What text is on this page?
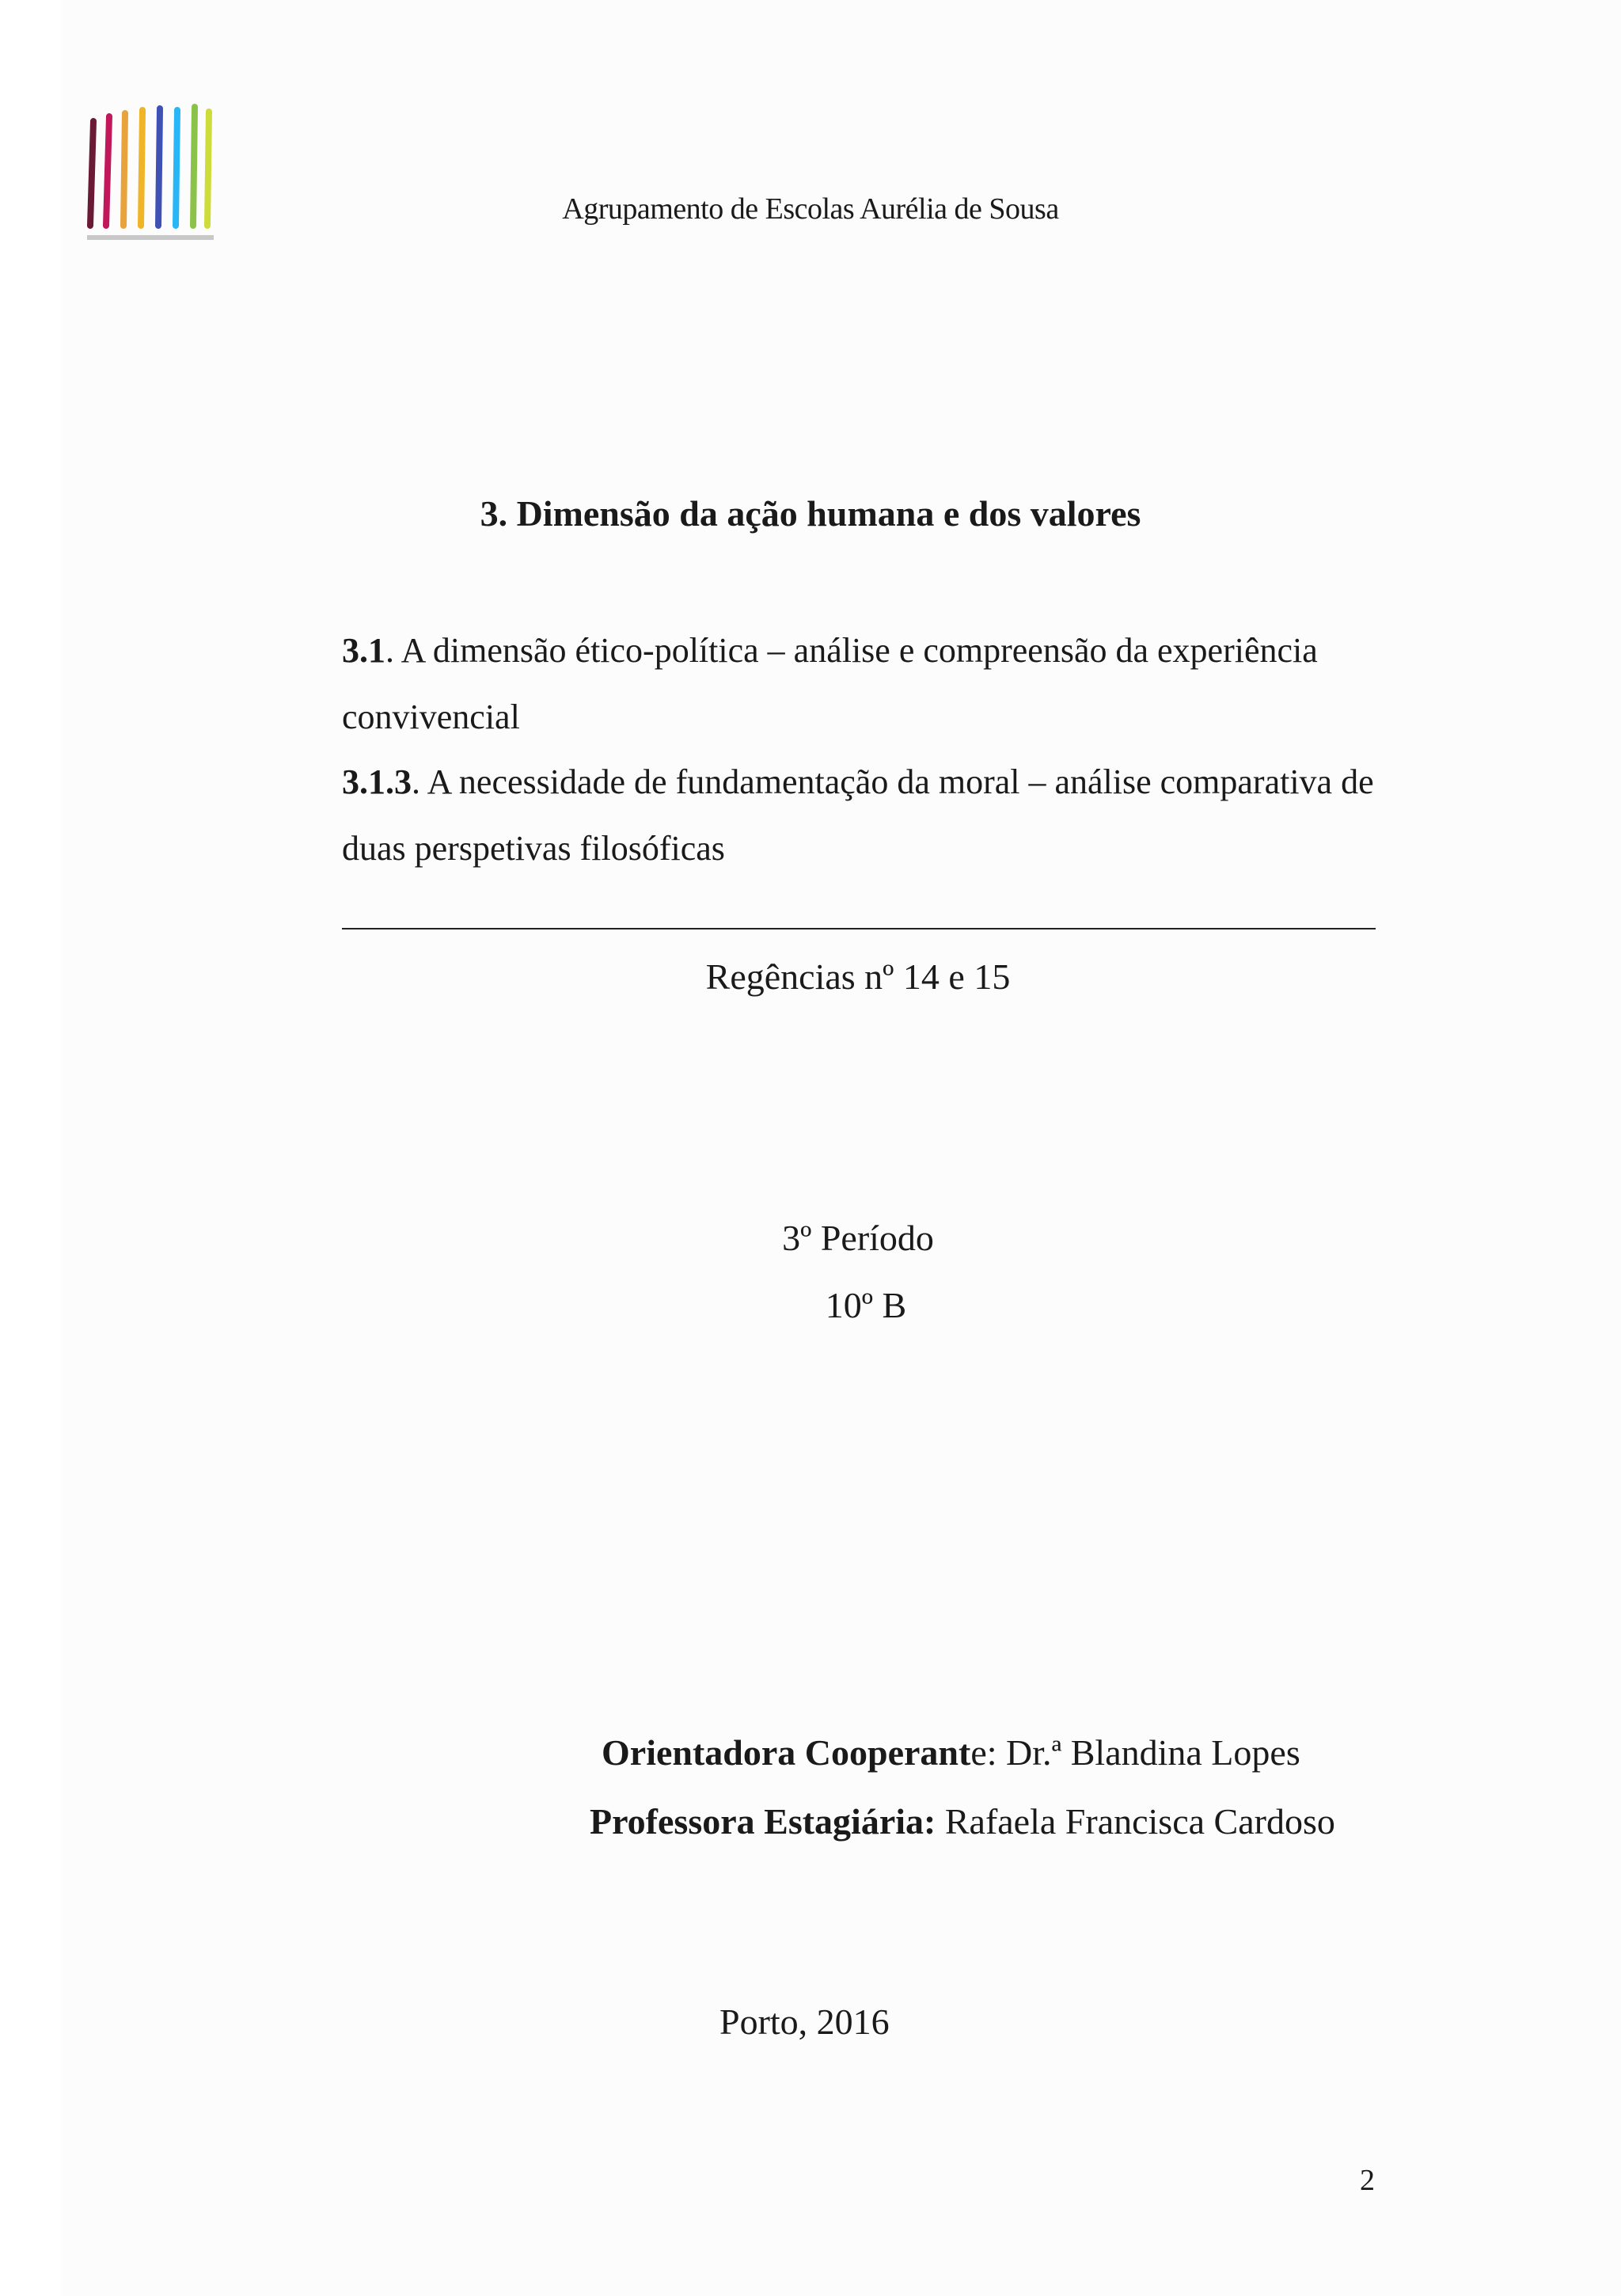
Agrupamento de Escolas Aurélia de Sousa
3. Dimensão da ação humana e dos valores
3.1. A dimensão ético-política – análise e compreensão da experiência convivencial
3.1.3. A necessidade de fundamentação da moral – análise comparativa de duas perspetivas filosóficas
Regências nº 14 e 15
3º Período
10º B
Orientadora Cooperante: Dr.ª Blandina Lopes
Professora Estagiária: Rafaela Francisca Cardoso
Porto, 2016
2
